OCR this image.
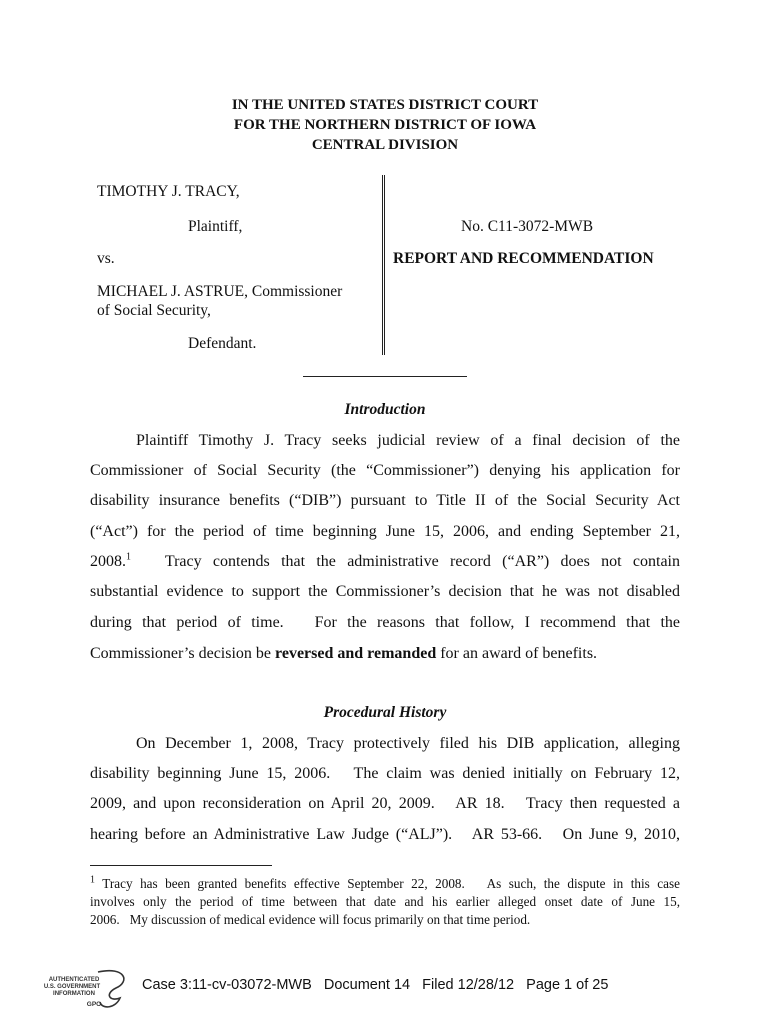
IN THE UNITED STATES DISTRICT COURT
FOR THE NORTHERN DISTRICT OF IOWA
CENTRAL DIVISION
TIMOTHY J. TRACY,
Plaintiff,
vs.
MICHAEL J. ASTRUE, Commissioner
of Social Security,
Defendant.
No. C11-3072-MWB
REPORT AND RECOMMENDATION
Introduction
Plaintiff Timothy J. Tracy seeks judicial review of a final decision of the
Commissioner of Social Security (the “Commissioner”) denying his application for
disability insurance benefits (“DIB”) pursuant to Title II of the Social Security Act
(“Act”) for the period of time beginning June 15, 2006, and ending September 21,
2008.$^1$ Tracy contends that the administrative record (“AR”) does not contain
substantial evidence to support the Commissioner’s decision that he was not disabled
during that period of time.   For the reasons that follow, I recommend that the
Commissioner’s decision be reversed and remanded for an award of benefits.
Procedural History
On December 1, 2008, Tracy protectively filed his DIB application, alleging
disability beginning June 15, 2006.   The claim was denied initially on February 12,
2009, and upon reconsideration on April 20, 2009.   AR 18.   Tracy then requested a
hearing before an Administrative Law Judge (“ALJ”).   AR 53-66.   On June 9, 2010,
$^1$ Tracy has been granted benefits effective September 22, 2008.   As such, the dispute in this case
involves only the period of time between that date and his earlier alleged onset date of June 15,
2006.   My discussion of medical evidence will focus primarily on that time period.
AUTHENTICATED
U.S. GOVERNMENT
INFORMATION
GPO
Case 3:11-cv-03072-MWB   Document 14   Filed 12/28/12   Page 1 of 25
